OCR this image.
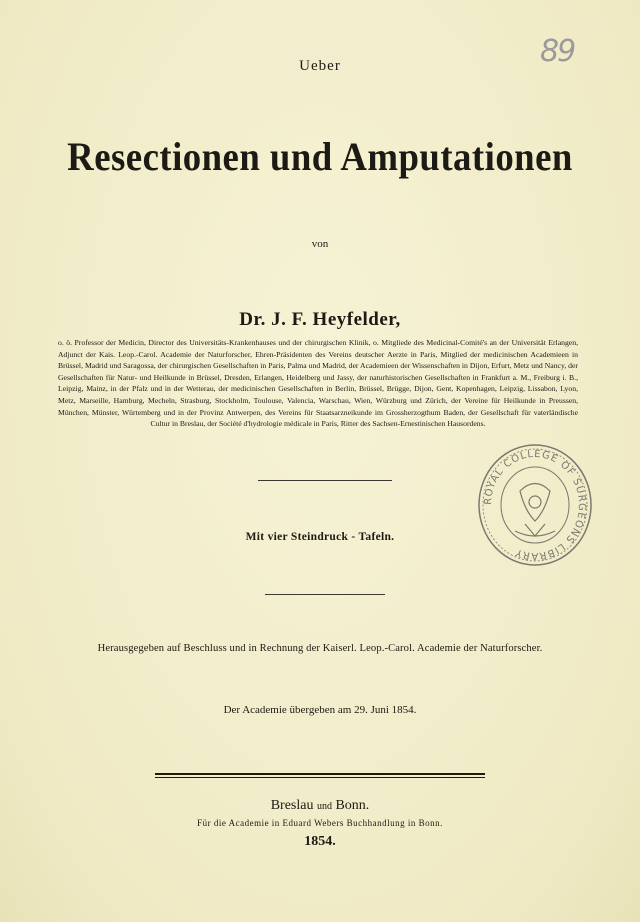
89
Ueber
Resectionen und Amputationen
von
Dr. J. F. Heyfelder,
o. ö. Professor der Medicin, Director des Universitäts-Krankenhauses und der chirurgischen Klinik, o. Mitgliede des Medicinal-Comité's an der Universität Erlangen, Adjunct der Kais. Leop.-Carol. Academie der Naturforscher, Ehren-Präsidenten des Vereins deutscher Aerzte in Paris, Mitglied der medicinischen Academieen in Brüssel, Madrid und Saragossa, der chirurgischen Gesellschaften in Paris, Palma und Madrid, der Academieen der Wissenschaften in Dijon, Erfurt, Metz und Nancy, der Gesellschaften für Natur- und Heilkunde in Brüssel, Dresden, Erlangen, Heidelberg und Jassy, der naturhistorischen Gesellschaften in Frankfurt a. M., Freiburg i. B., Leipzig, Mainz, in der Pfalz und in der Wetterau, der medicinischen Gesellschaften in Berlin, Brüssel, Brügge, Dijon, Gent, Kopenhagen, Leipzig, Lissabon, Lyon, Metz, Marseille, Hamburg, Mecheln, Strasburg, Stockholm, Toulouse, Valencia, Warschau, Wien, Würzburg und Zürich, der Vereine für Heilkunde in Preussen, München, Münster, Würtemberg und in der Provinz Antwerpen, des Vereins für Staatsarzneikunde im Grossherzogthum Baden, der Gesellschaft für vaterländische Cultur in Breslau, der Société d'hydrologie médicale in Paris, Ritter des Sachsen-Ernestinischen Hausordens.
ROYAL COLLEGE OF SURGEONS LIBRARY
Mit vier Steindruck - Tafeln.
Herausgegeben auf Beschluss und in Rechnung der Kaiserl. Leop.-Carol. Academie der Naturforscher.
Der Academie übergeben am 29. Juni 1854.
Breslau und Bonn.
Für die Academie in Eduard Webers Buchhandlung in Bonn.
1854.
